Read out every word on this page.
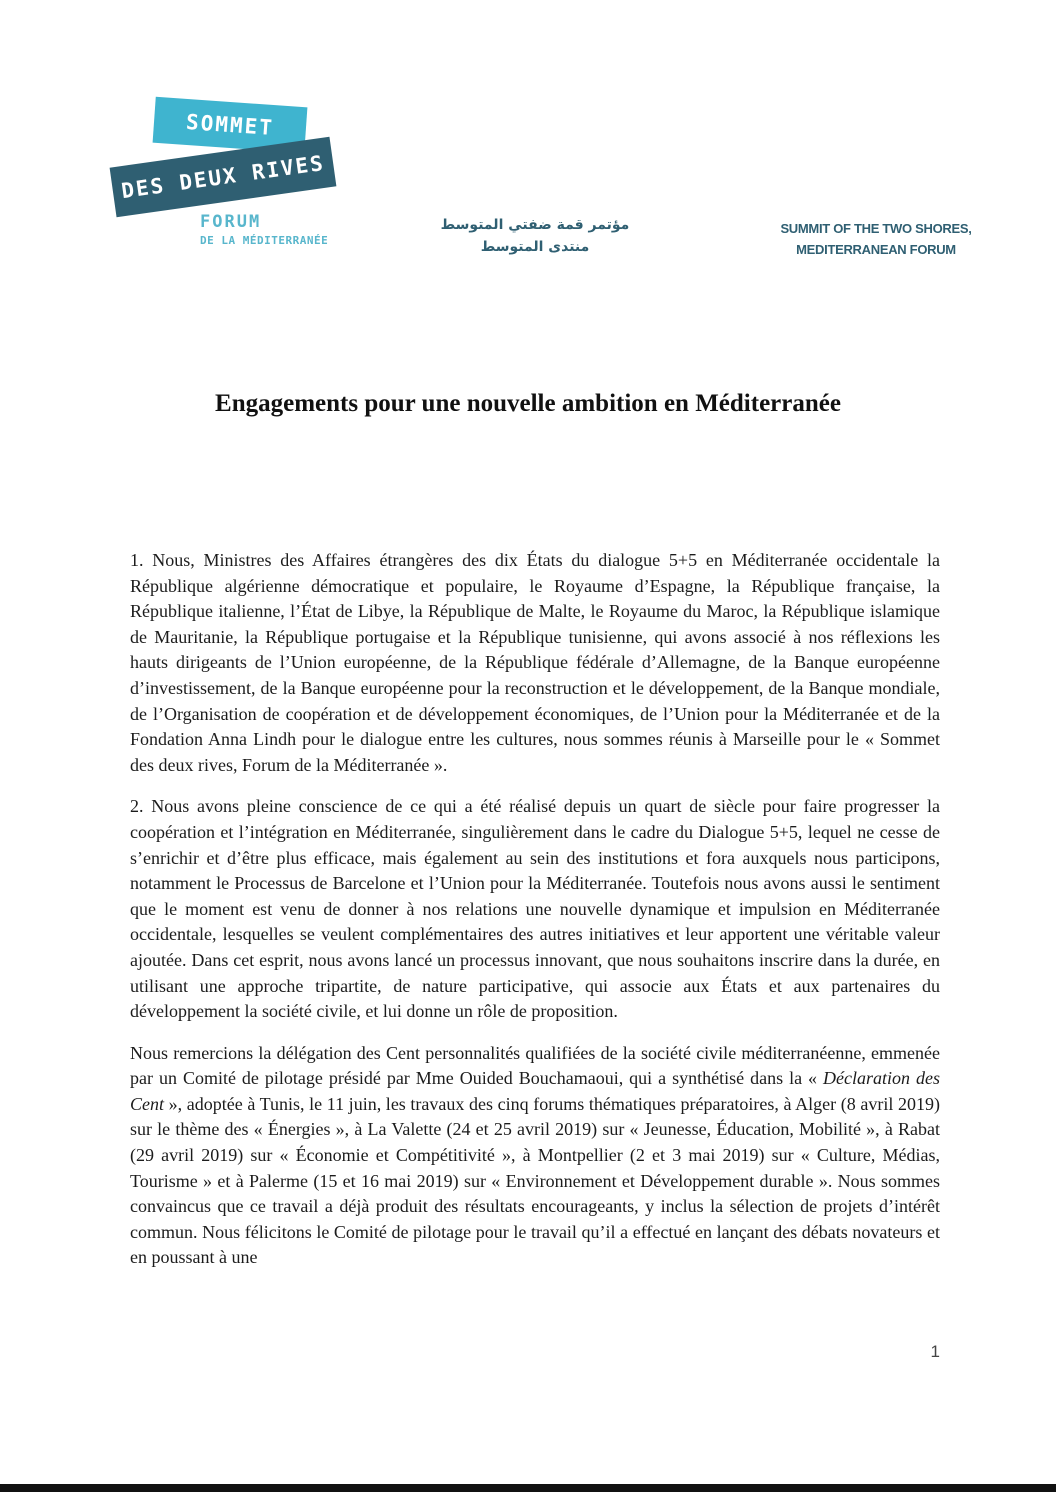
SOMMET
DES DEUX RIVES
FORUM
DE LA MÉDITERRANÉE
مؤتمر قمة ضفتي المتوسط
منتدى المتوسط
SUMMIT OF THE TWO SHORES,
MEDITERRANEAN FORUM
Engagements pour une nouvelle ambition en Méditerranée

1. Nous, Ministres des Affaires étrangères des dix États du dialogue 5+5 en Méditerranée occidentale la République algérienne démocratique et populaire, le Royaume d’Espagne, la République française, la République italienne, l’État de Libye, la République de Malte, le Royaume du Maroc, la République islamique de Mauritanie, la République portugaise et la République tunisienne, qui avons associé à nos réflexions les hauts dirigeants de l’Union européenne, de la République fédérale d’Allemagne, de la Banque européenne d’investissement, de la Banque européenne pour la reconstruction et le développement, de la Banque mondiale, de l’Organisation de coopération et de développement économiques, de l’Union pour la Méditerranée et de la Fondation Anna Lindh pour le dialogue entre les cultures, nous sommes réunis à Marseille pour le « Sommet des deux rives, Forum de la Méditerranée ».

2. Nous avons pleine conscience de ce qui a été réalisé depuis un quart de siècle pour faire progresser la coopération et l’intégration en Méditerranée, singulièrement dans le cadre du Dialogue 5+5, lequel ne cesse de s’enrichir et d’être plus efficace, mais également au sein des institutions et fora auxquels nous participons, notamment le Processus de Barcelone et l’Union pour la Méditerranée. Toutefois nous avons aussi le sentiment que le moment est venu de donner à nos relations une nouvelle dynamique et impulsion en Méditerranée occidentale, lesquelles se veulent complémentaires des autres initiatives et leur apportent une véritable valeur ajoutée. Dans cet esprit, nous avons lancé un processus innovant, que nous souhaitons inscrire dans la durée, en utilisant une approche tripartite, de nature participative, qui associe aux États et aux partenaires du développement la société civile, et lui donne un rôle de proposition.

Nous remercions la délégation des Cent personnalités qualifiées de la société civile méditerranéenne, emmenée par un Comité de pilotage présidé par Mme Ouided Bouchamaoui, qui a synthétisé dans la « Déclaration des Cent », adoptée à Tunis, le 11 juin, les travaux des cinq forums thématiques préparatoires, à Alger (8 avril 2019) sur le thème des « Énergies », à La Valette (24 et 25 avril 2019) sur « Jeunesse, Éducation, Mobilité », à Rabat (29 avril 2019) sur « Économie et Compétitivité », à Montpellier (2 et 3 mai 2019) sur « Culture, Médias, Tourisme » et à Palerme (15 et 16 mai 2019) sur « Environnement et Développement durable ». Nous sommes convaincus que ce travail a déjà produit des résultats encourageants, y inclus la sélection de projets d’intérêt commun. Nous félicitons le Comité de pilotage pour le travail qu’il a effectué en lançant des débats novateurs et en poussant à une

1
